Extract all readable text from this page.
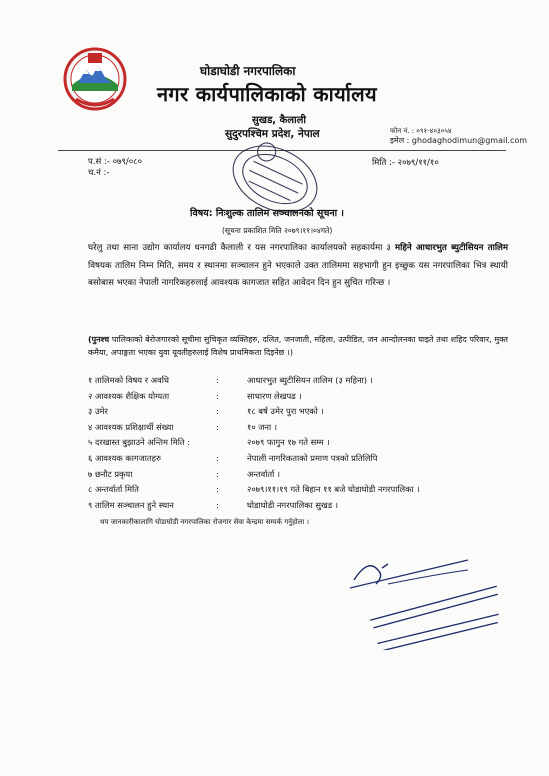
घोडाघोडी नगरपालिका
नगर कार्यपालिकाको कार्यालय
सुखड, कैलाली
सुदुरपश्चिम प्रदेश, नेपाल	फोन नं. : ०९१-४०३०५४
इमेल : ghodaghodimun@gmail.com
प.सं :- ०७९/०८०
च.नं :-
मिति :- २०७९/११/१०
विषय: निःशुल्क तालिम सञ्चालनको सूचना ।
(सूचना प्रकाशित मिति २०७९।११।०४गते)
घरेलु तथा साना उद्योग कार्यालय धनगढी कैलाली र यस नगरपालिका कार्यालयको सहकार्यमा ३ महिने आधारभुत ब्युटीसियन तालिम विषयक तालिम निम्न मिति, समय र स्थानमा सञ्चालन हुने भएकाले उक्त तालिममा सहभागी हुन इच्छुक यस नगरपालिका भित्र स्थायी बसोबास भएका नेपाली नागरिकहरुलाई आवश्यक कागजात सहित आवेदन दिन हुन सुचित गरिन्छ ।
(पुनश्च पालिकाको बेरोजगारको सूचीमा सुचिकृत व्यक्तिहरु, दलित, जनजाती, महिला, उत्पीडित, जन आन्दोलनका घाइते तथा शहिद परिवार, मुक्त कमैया, अपाङ्गता भएका युवा यूवतीहरुलाई विशेष प्राथमिकता दिइनेछ ।)
१ तालिमको विषय र अवधि	:	आधारभुत ब्युटीसियन तालिम (३ महिना) ।
२ आवश्यक शैक्षिक योग्यता	:	साधारण लेखपढ ।
३ उमेर	:	१८ बर्ष उमेर पुरा भएको ।
४ आवश्यक प्रशिक्षार्थी संख्या	:	१० जना ।
५ दरखास्त बुझाउने अन्तिम मिति :	२०७९ फागुन १७ गते सम्म ।
६ आवश्यक कागजातहरु	:	नेपाली नागरिकताको प्रमाण पत्रको प्रतिलिपि
७ छनौट प्रकृया	:	अन्तर्वार्ता ।
८ अन्तर्वार्ता मिति	:	२०७९।११।१९ गते बिहान ११ बजे घोडाघोडी नगरपालिका ।
९ तालिम सञ्चालन हुने स्थान	:	घोडाघोडी नगरपालिका सुखड ।
थप जानकारीकालागि घोडाघोडी नगरपालिका रोजगार सेवा केन्द्रमा सम्पर्क गर्नुहोला ।
